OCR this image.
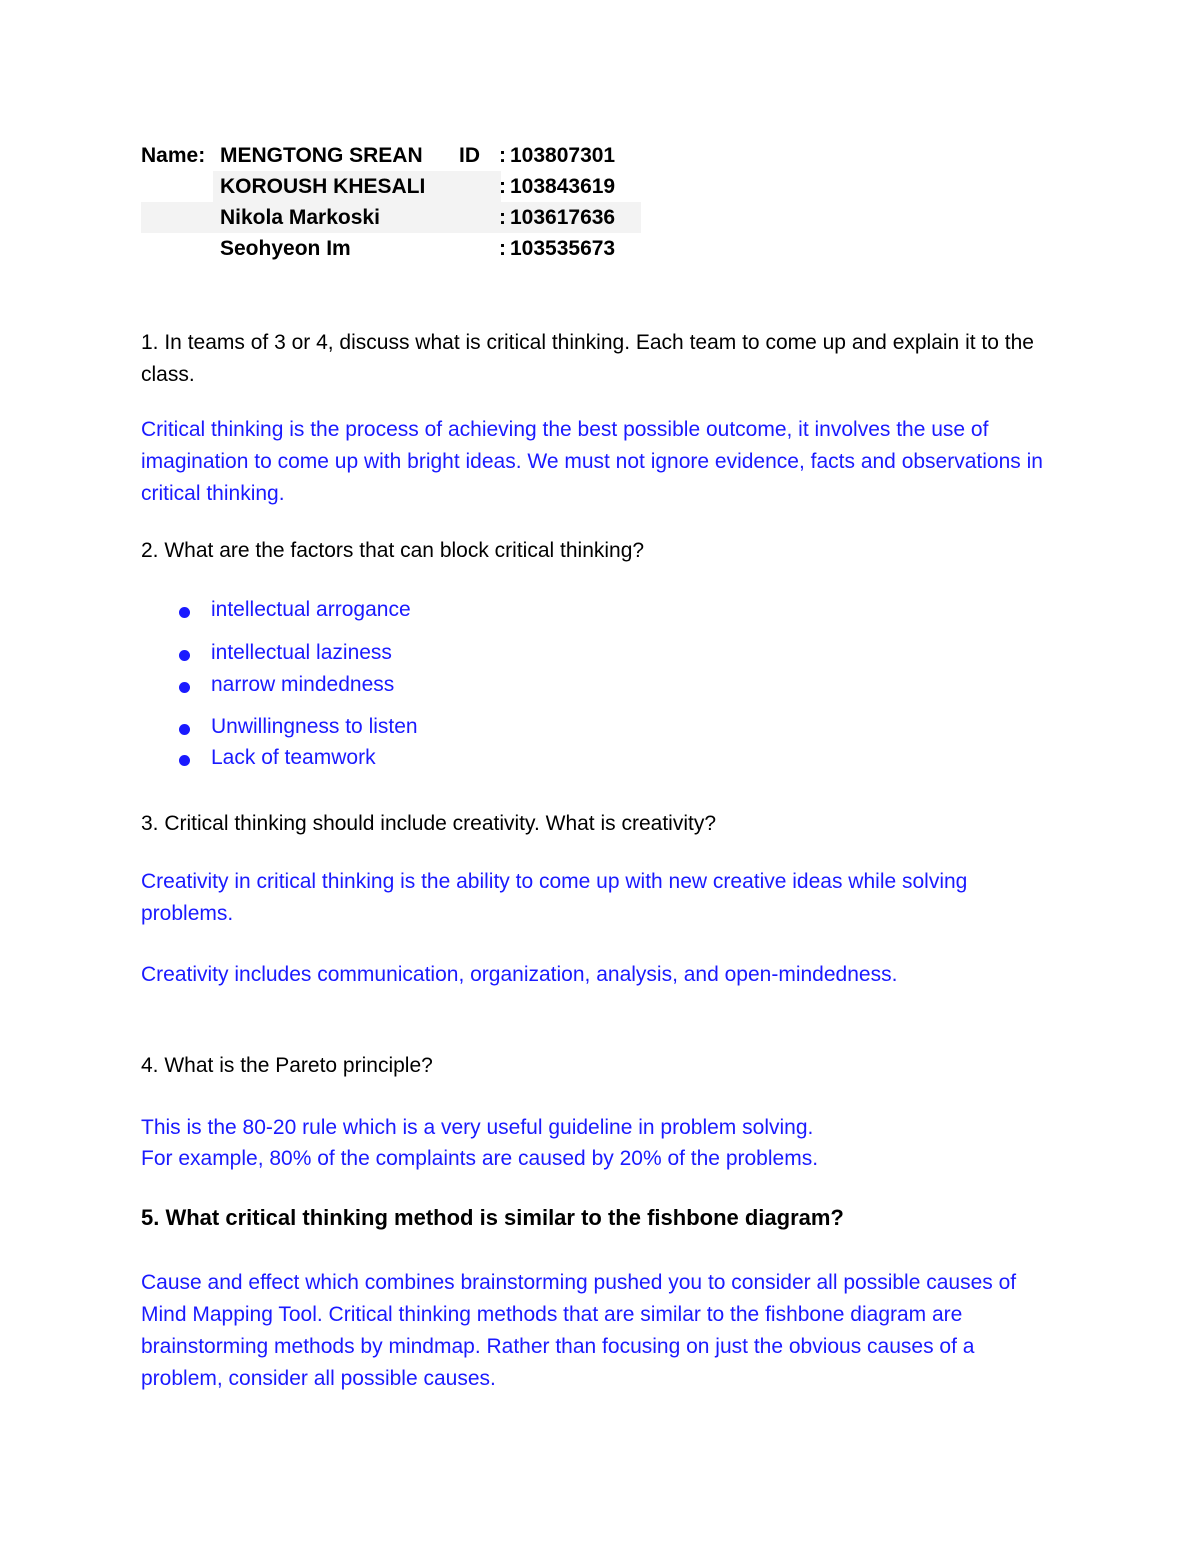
Name: MENGTONG SREAN ID : 103807301
KOROUSH KHESALI	: 103843619
Nikola Markoski	: 103617636
Seohyeon Im	: 103535673
1. In teams of 3 or 4, discuss what is critical thinking. Each team to come up and explain it to the class.
Critical thinking is the process of achieving the best possible outcome, it involves the use of imagination to come up with bright ideas. We must not ignore evidence, facts and observations in critical thinking.
2. What are the factors that can block critical thinking?
intellectual arrogance
intellectual laziness
narrow mindedness
Unwillingness to listen
Lack of teamwork
3. Critical thinking should include creativity. What is creativity?
Creativity in critical thinking is the ability to come up with new creative ideas while solving problems.
Creativity includes communication, organization, analysis, and open-mindedness.
4. What is the Pareto principle?
This is the 80-20 rule which is a very useful guideline in problem solving.
For example, 80% of the complaints are caused by 20% of the problems.
5. What critical thinking method is similar to the fishbone diagram?
Cause and effect which combines brainstorming pushed you to consider all possible causes of Mind Mapping Tool. Critical thinking methods that are similar to the fishbone diagram are brainstorming methods by mindmap. Rather than focusing on just the obvious causes of a problem, consider all possible causes.
